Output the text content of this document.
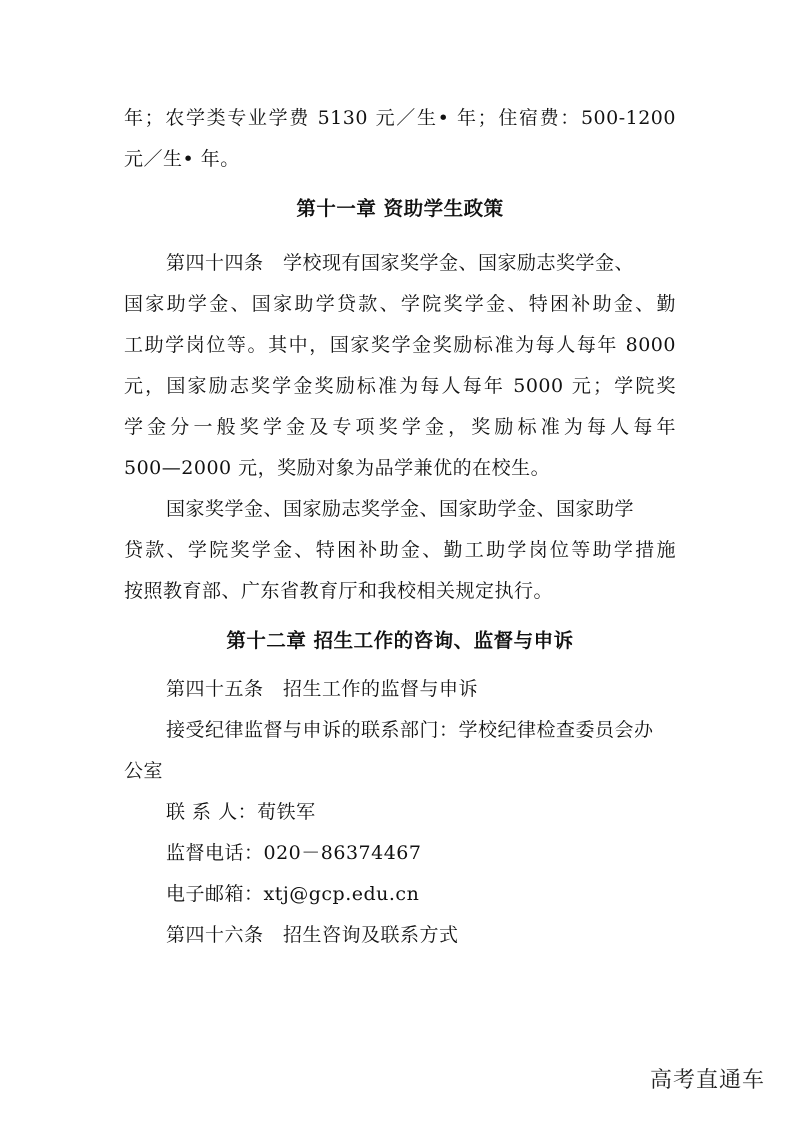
年；农学类专业学费 5130 元／生• 年；住宿费：500-1200
元／生• 年。
第十一章 资助学生政策
第四十四条　学校现有国家奖学金、国家励志奖学金、
国家助学金、国家助学贷款、学院奖学金、特困补助金、勤
工助学岗位等。其中，国家奖学金奖励标准为每人每年 8000
元，国家励志奖学金奖励标准为每人每年 5000 元；学院奖
学金分一般奖学金及专项奖学金，奖励标准为每人每年
500—2000 元，奖励对象为品学兼优的在校生。
国家奖学金、国家励志奖学金、国家助学金、国家助学
贷款、学院奖学金、特困补助金、勤工助学岗位等助学措施
按照教育部、广东省教育厅和我校相关规定执行。
第十二章 招生工作的咨询、监督与申诉
第四十五条　招生工作的监督与申诉
接受纪律监督与申诉的联系部门：学校纪律检查委员会办
公室
联 系 人：荀铁军
监督电话：020－86374467
电子邮箱：xtj@gcp.edu.cn
第四十六条　招生咨询及联系方式
高考直通车
